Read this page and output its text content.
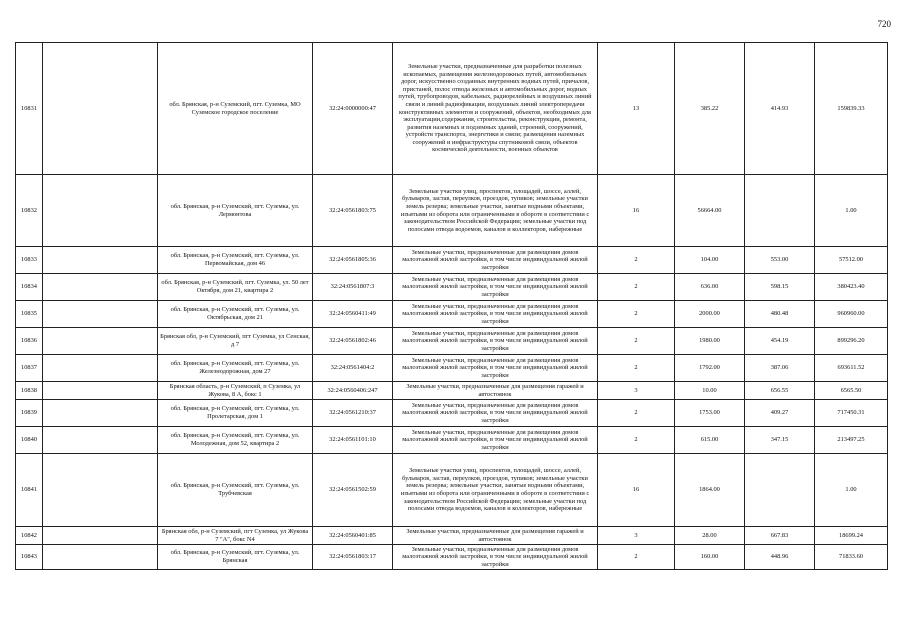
720
10831		обл. Брянская, р-н Суземский, пгт. Суземка, МО Суземское городское поселение	32:24:0000000:47	Земельные участки, предназначенные для разработки полезных ископаемых, размещения железнодорожных путей, автомобильных дорог, искусственно созданных внутренних водных путей, причалов, пристаней, полос отвода железных и автомобильных дорог, водных путей, трубопроводов, кабельных, радиорелейных и воздушных линий связи и линий радиофикации, воздушных линий электропередачи конструктивных элементов и сооружений, объектов, необходимых для эксплуатации,содержания, строительства, реконструкции, ремонта, развития наземных и подземных зданий, строений, сооружений, устройств транспорта, энергетики и связи; размещения наземных сооружений и инфраструктуры спутниковой связи, объектов космической деятельности, военных объектов	13	385.22	414.93	159839.33
10832		обл. Брянская, р-н Суземский, пгт. Суземка, ул. Лермонтова	32:24:0561803:75	Земельные участки улиц, проспектов, площадей, шоссе, аллей, бульваров, застав, переулков, проездов, тупиков; земельные участки земель резерва; земельные участки, занятые водными объектами, изъятыми из оборота или ограниченными в обороте в соответствии с законодательством Российской Федерации; земельные участки под полосами отвода водоемов, каналов и коллекторов, набережные	16	56664.00		1.00
10833		обл. Брянская, р-н Суземский, пгт. Суземка, ул. Первомайская, дом 46	32:24:0561805:36	Земельные участки, предназначенные для размещения домов малоэтажной жилой застройки, в том числе индивидуальной жилой застройки	2	104.00	553.00	57512.00
10834		обл. Брянская, р-н Суземский, пгт. Суземка, ул. 50 лет Октября, дом 21, квартира 2	32:24:0561807:3	Земельные участки, предназначенные для размещения домов малоэтажной жилой застройки, в том числе индивидуальной жилой застройки	2	636.00	598.15	380423.40
10835		обл. Брянская, р-н Суземский, пгт. Суземка, ул. Октябрьская, дом 21	32:24:0560411:49	Земельные участки, предназначенные для размещения домов малоэтажной жилой застройки, в том числе индивидуальной жилой застройки	2	2000.00	480.48	960960.00
10836		Брянская обл, р-н Суземский, пгт Суземка, ул Сенская, д 7	32:24:0561802:46	Земельные участки, предназначенные для размещения домов малоэтажной жилой застройки, в том числе индивидуальной жилой застройки	2	1980.00	454.19	899296.20
10837		обл. Брянская, р-н Суземский, пгт. Суземка, ул. Железнодорожная, дом 27	32:24:0561404:2	Земельные участки, предназначенные для размещения домов малоэтажной жилой застройки, в том числе индивидуальной жилой застройки	2	1792.00	387.06	693611.52
10838		Брянская область, р-н Суземский, п Суземка, ул Жукова, 8 А, бокс 1	32:24:0560406:247	Земельные участки, предназначенные для размещения гаражей и автостоянок	3	10.00	656.55	6565.50
10839		обл. Брянская, р-н Суземский, пгт. Суземка, ул. Пролетарская, дом 1	32:24:0561210:37	Земельные участки, предназначенные для размещения домов малоэтажной жилой застройки, в том числе индивидуальной жилой застройки	2	1753.00	409.27	717450.31
10840		обл. Брянская, р-н Суземский, пгт. Суземка, ул. Молодежная, дом 52, квартира 2	32:24:0561101:10	Земельные участки, предназначенные для размещения домов малоэтажной жилой застройки, в том числе индивидуальной жилой застройки	2	615.00	347.15	213497.25
10841		обл. Брянская, р-н Суземский, пгт. Суземка, ул. Трубчевская	32:24:0561502:59	Земельные участки улиц, проспектов, площадей, шоссе, аллей, бульваров, застав, переулков, проездов, тупиков; земельные участки земель резерва; земельные участки, занятые водными объектами, изъятыми из оборота или ограниченными в обороте в соответствии с законодательством Российской Федерации; земельные участки под полосами отвода водоемов, каналов и коллекторов, набережные	16	1864.00		1.00
10842		Брянская обл, р-н Суземский, пгт Суземка, ул Жукова 7 "А", бокс N4	32:24:0560401:85	Земельные участки, предназначенные для размещения гаражей и автостоянок	3	28.00	667.83	18699.24
10843		обл. Брянская, р-н Суземский, пгт. Суземка, ул. Брянская	32:24:0561803:17	Земельные участки, предназначенные для размещения домов малоэтажной жилой застройки, в том числе индивидуальной жилой застройки	2	160.00	448.96	71833.60
